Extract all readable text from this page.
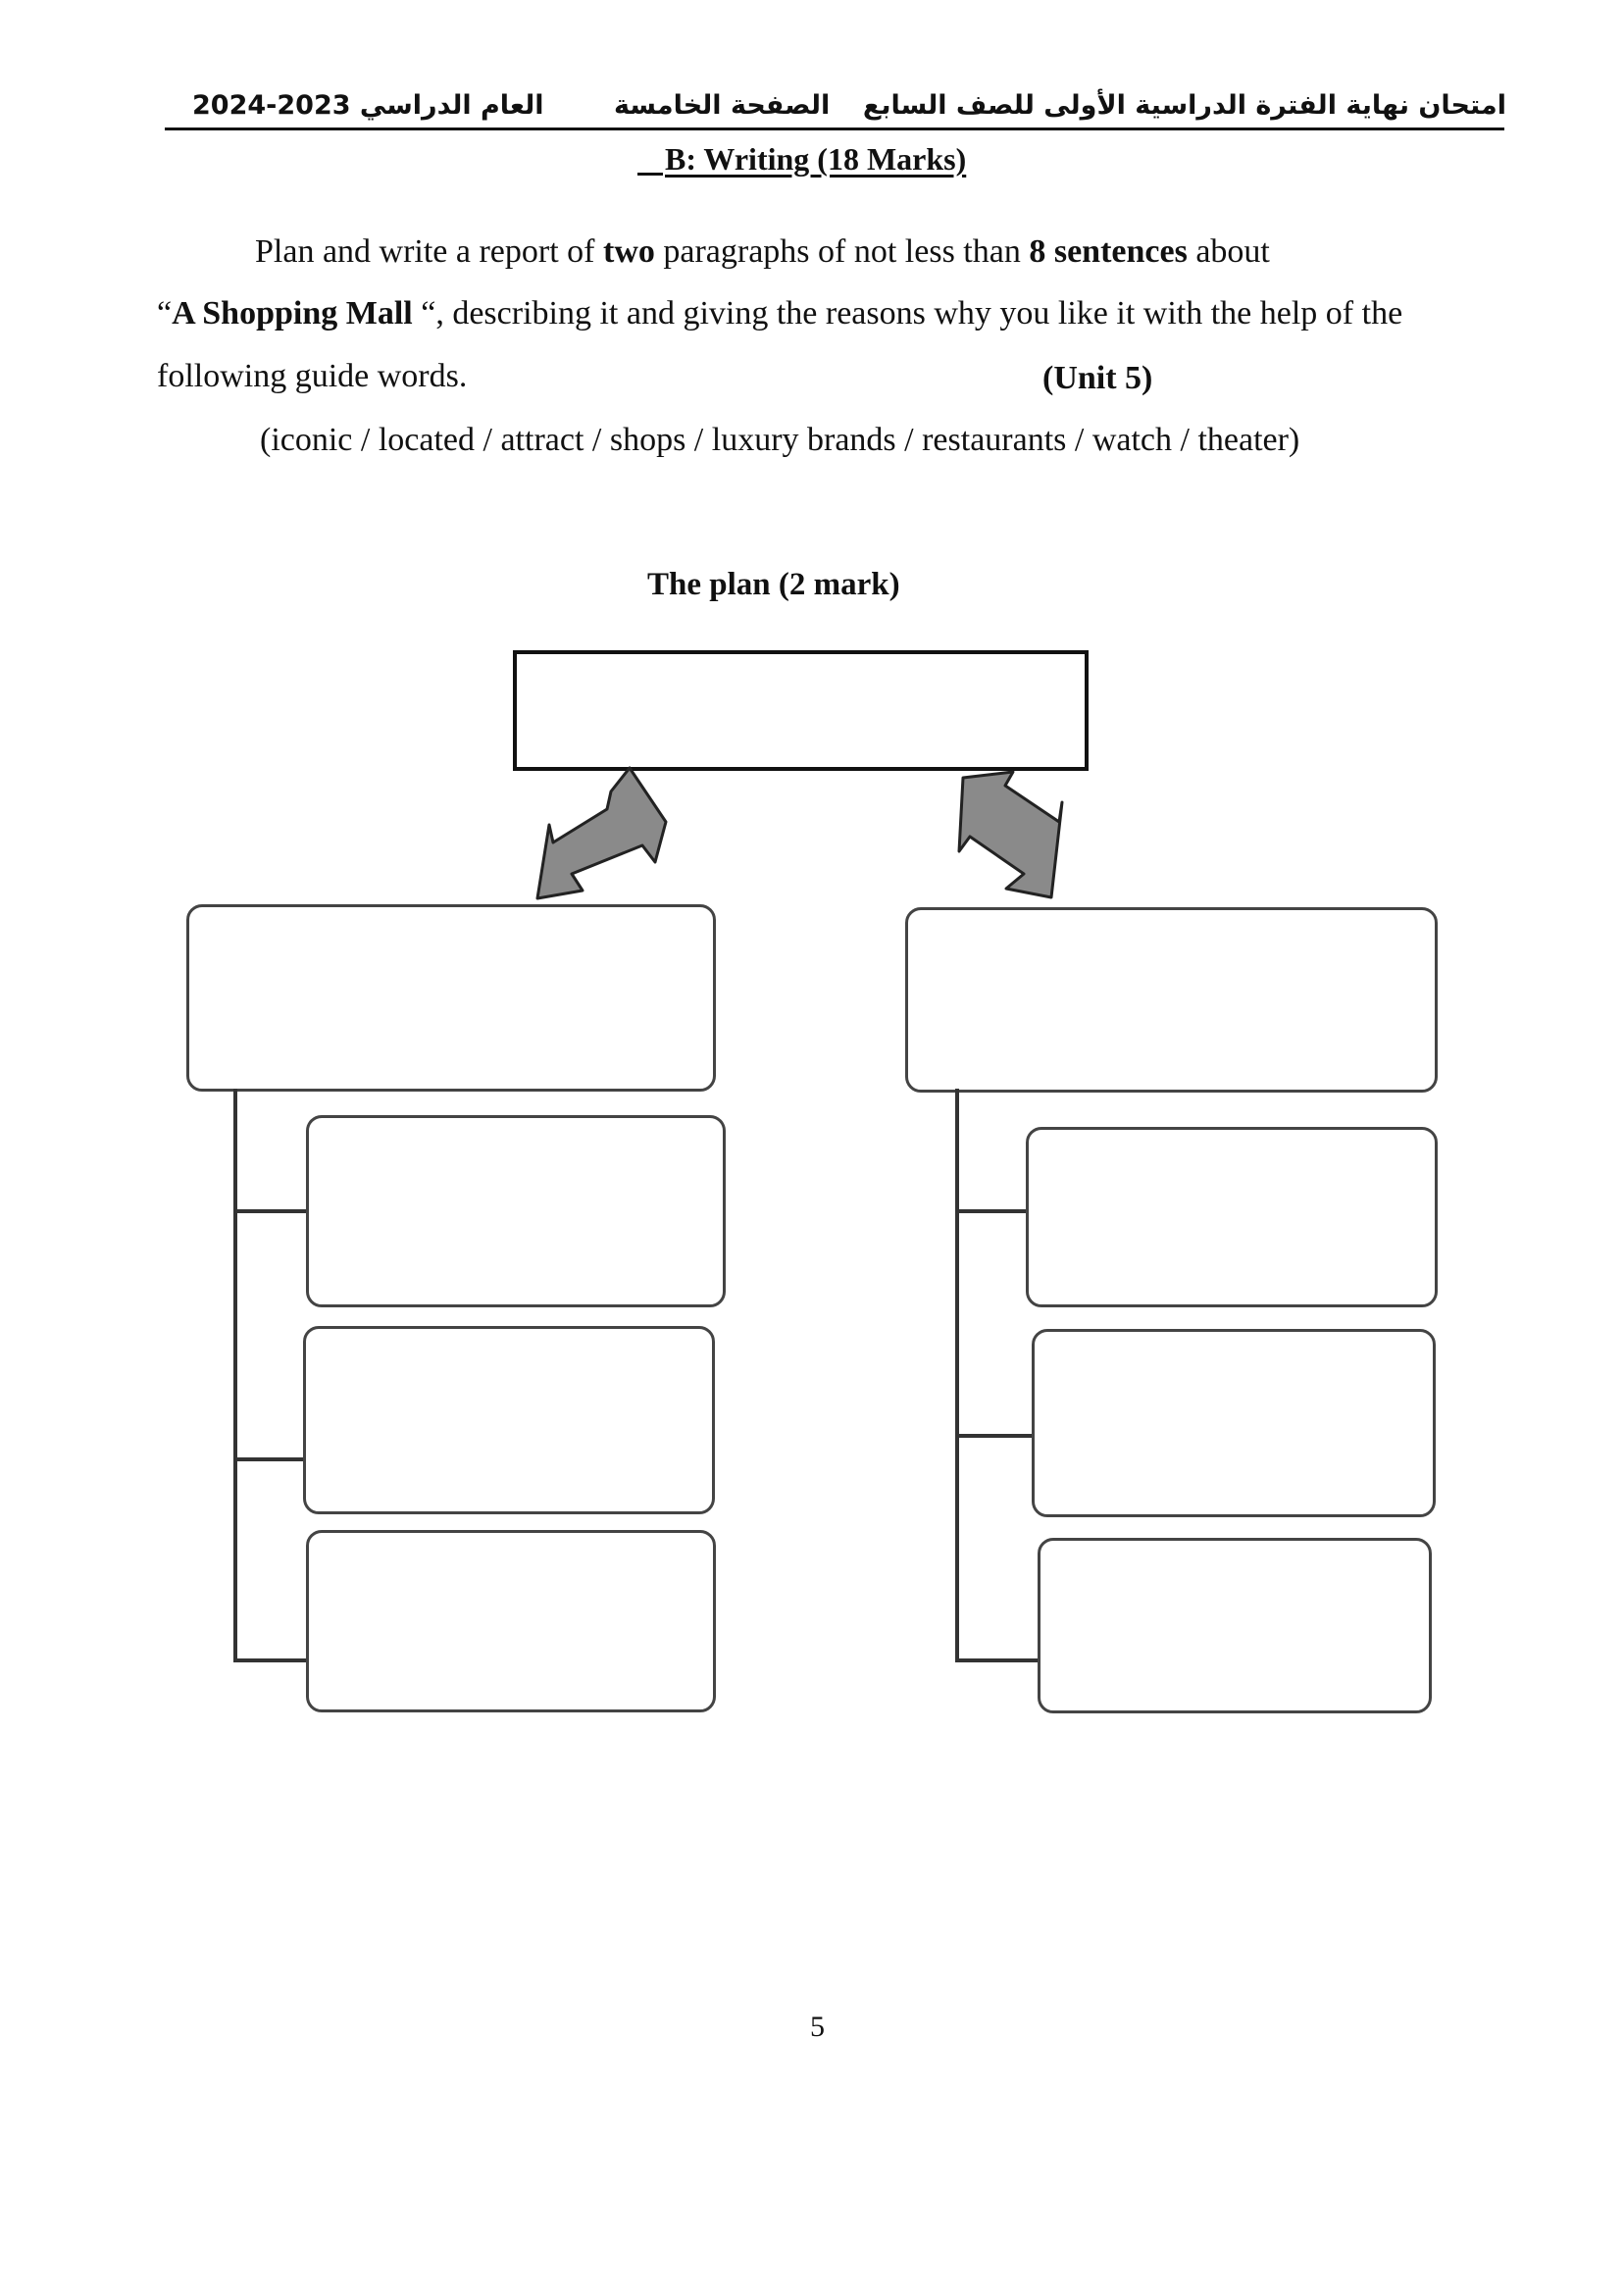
امتحان نهاية الفترة الدراسية الأولى للصف السابع
الصفحة الخامسة
العام الدراسي 2023-2024
B: Writing (18 Marks)
Plan and write a report of two paragraphs of not less than 8 sentences about
“A Shopping Mall “, describing it and giving the reasons why you like it with the help of the
following guide words.	(Unit 5)
(iconic / located / attract / shops / luxury brands / restaurants / watch / theater)
The plan (2 mark)
5
